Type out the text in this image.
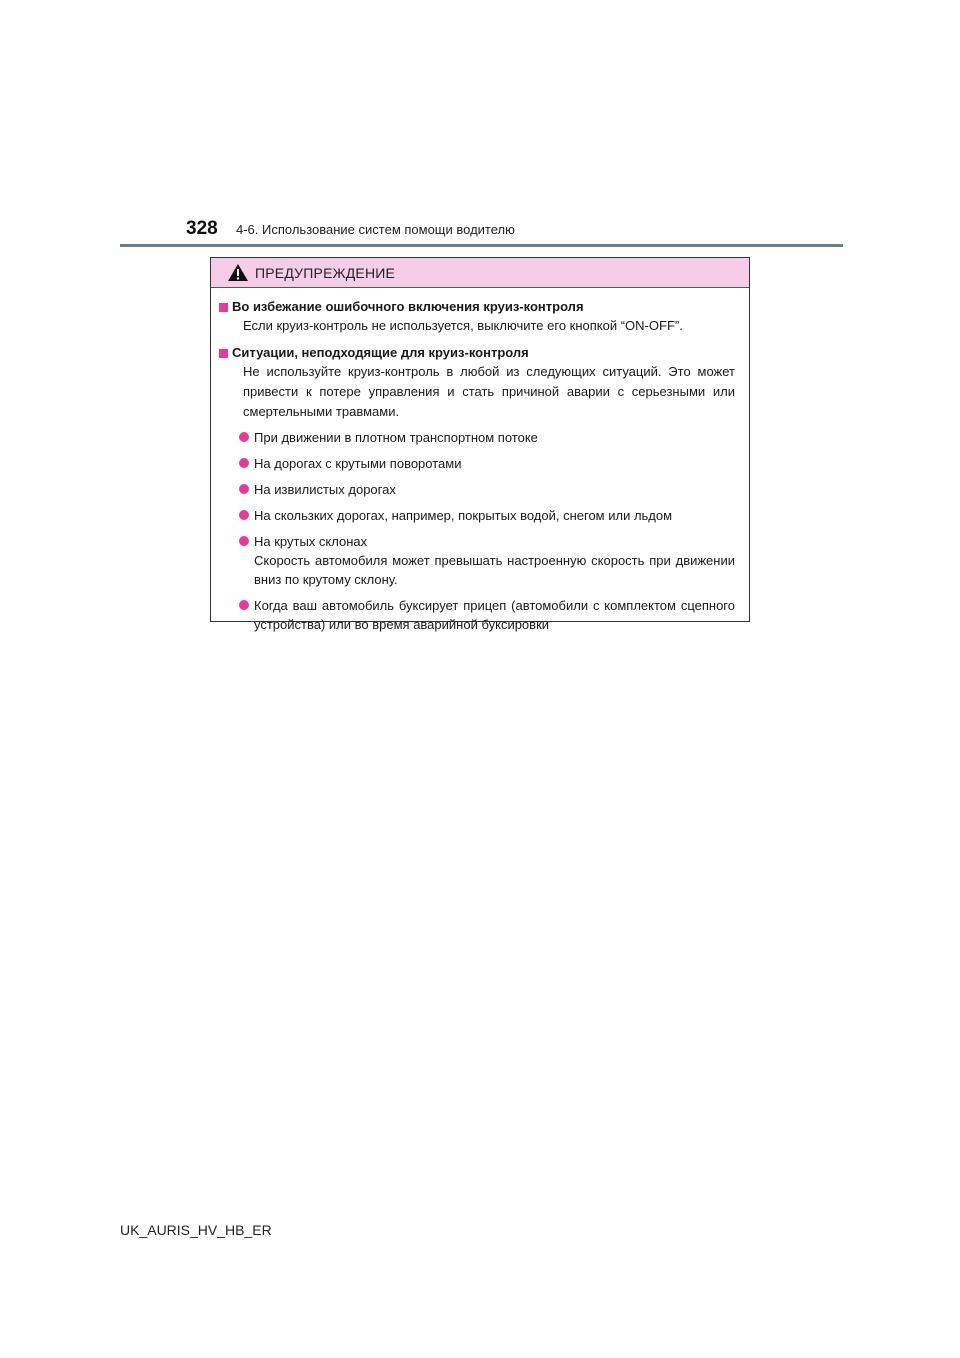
328 4-6. Использование систем помощи водителю
ПРЕДУПРЕЖДЕНИЕ
Во избежание ошибочного включения круиз-контроля
Если круиз-контроль не используется, выключите его кнопкой “ON-OFF”.
Ситуации, неподходящие для круиз-контроля
Не используйте круиз-контроль в любой из следующих ситуаций. Это может привести к потере управления и стать причиной аварии с серьезными или смертельными травмами.
При движении в плотном транспортном потоке
На дорогах с крутыми поворотами
На извилистых дорогах
На скользких дорогах, например, покрытых водой, снегом или льдом
На крутых склонах
Скорость автомобиля может превышать настроенную скорость при движении вниз по крутому склону.
Когда ваш автомобиль буксирует прицеп (автомобили с комплектом сцепного устройства) или во время аварийной буксировки
UK_AURIS_HV_HB_ER
